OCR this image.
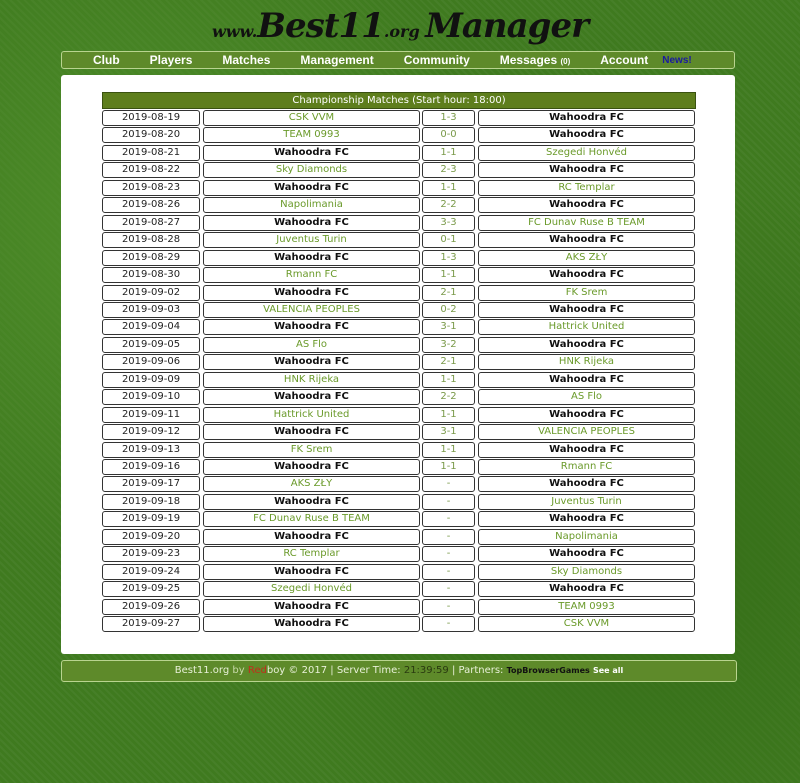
www.Best11.org Manager
Club	Players	Matches	Management	Community	Messages (0)	Account News!
Championship Matches (Start hour: 18:00)
2019-08-19	CSK VVM	1-3	Wahoodra FC
2019-08-20	TEAM 0993	0-0	Wahoodra FC
2019-08-21	Wahoodra FC	1-1	Szegedi Honvéd
2019-08-22	Sky Diamonds	2-3	Wahoodra FC
2019-08-23	Wahoodra FC	1-1	RC Templar
2019-08-26	Napolimania	2-2	Wahoodra FC
2019-08-27	Wahoodra FC	3-3	FC Dunav Ruse B TEAM
2019-08-28	Juventus Turin	0-1	Wahoodra FC
2019-08-29	Wahoodra FC	1-3	AKS ZŁY
2019-08-30	Rmann FC	1-1	Wahoodra FC
2019-09-02	Wahoodra FC	2-1	FK Srem
2019-09-03	VALENCIA PEOPLES	0-2	Wahoodra FC
2019-09-04	Wahoodra FC	3-1	Hattrick United
2019-09-05	AS Flo	3-2	Wahoodra FC
2019-09-06	Wahoodra FC	2-1	HNK Rijeka
2019-09-09	HNK Rijeka	1-1	Wahoodra FC
2019-09-10	Wahoodra FC	2-2	AS Flo
2019-09-11	Hattrick United	1-1	Wahoodra FC
2019-09-12	Wahoodra FC	3-1	VALENCIA PEOPLES
2019-09-13	FK Srem	1-1	Wahoodra FC
2019-09-16	Wahoodra FC	1-1	Rmann FC
2019-09-17	AKS ZŁY	-	Wahoodra FC
2019-09-18	Wahoodra FC	-	Juventus Turin
2019-09-19	FC Dunav Ruse B TEAM	-	Wahoodra FC
2019-09-20	Wahoodra FC	-	Napolimania
2019-09-23	RC Templar	-	Wahoodra FC
2019-09-24	Wahoodra FC	-	Sky Diamonds
2019-09-25	Szegedi Honvéd	-	Wahoodra FC
2019-09-26	Wahoodra FC	-	TEAM 0993
2019-09-27	Wahoodra FC	-	CSK VVM
Best11.org by Redboy © 2017 | Server Time: 21:39:59 | Partners: TopBrowserGames See all
